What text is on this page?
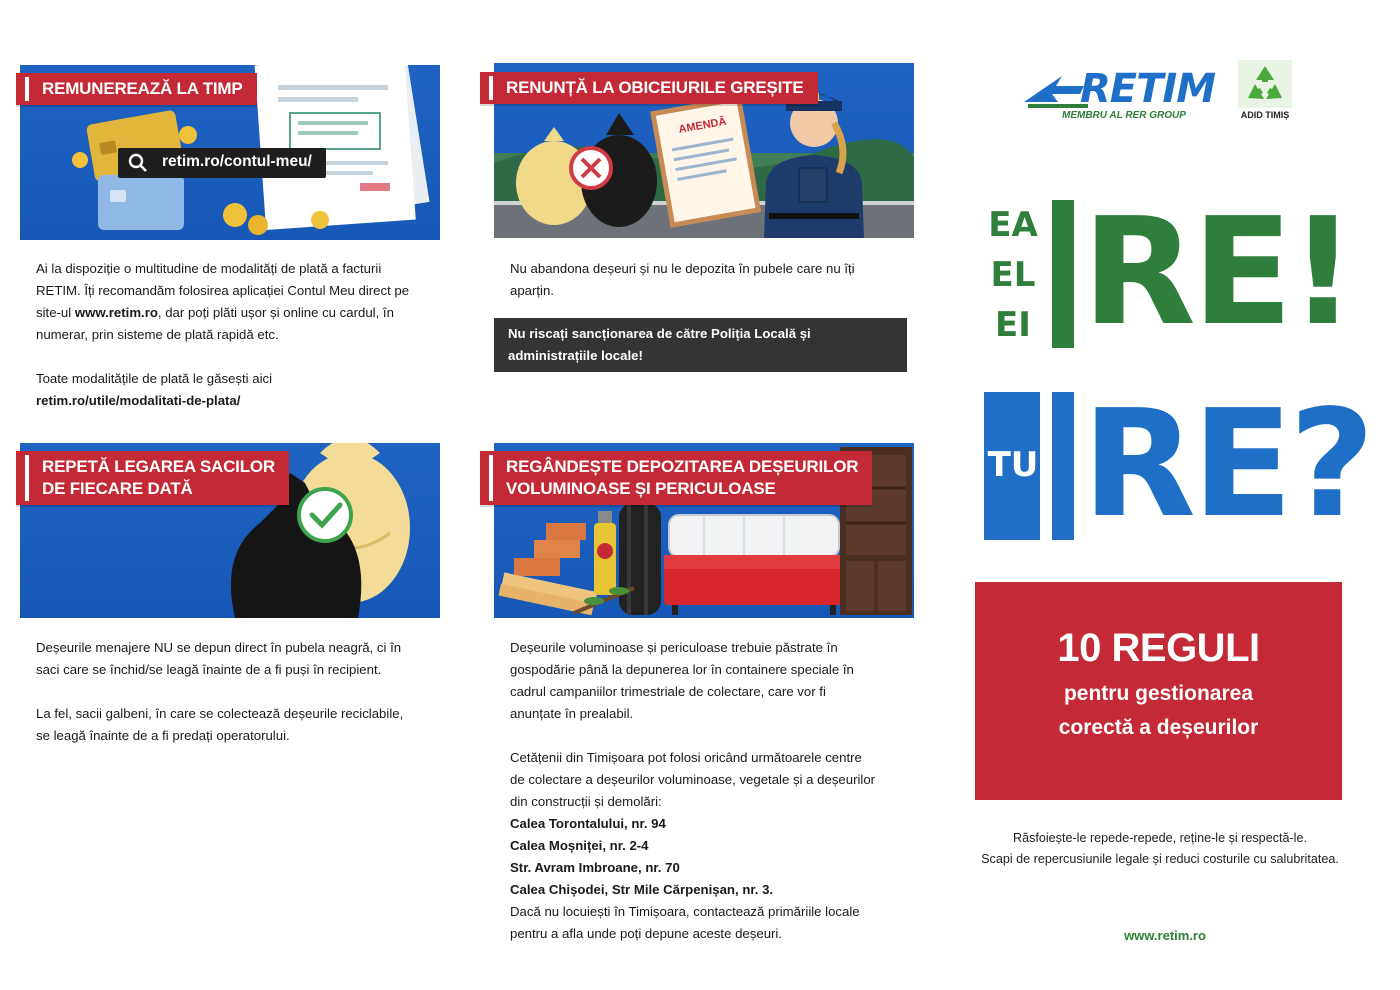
REMUNEREAZĂ LA TIMP
retim.ro/contul-meu/

Ai la dispoziție o multitudine de modalități de plată a facturii

RETIM. Îți recomandăm folosirea aplicației Contul Meu direct pe

site-ul www.retim.ro, dar poți plăti ușor și online cu cardul, în

numerar, prin sisteme de plată rapidă etc.

Toate modalitățile de plată le găsești aici

retim.ro/utile/modalitati-de-plata/

AMENDĂ
RENUNȚĂ LA OBICEIURILE GREȘITE

Nu abandona deșeuri și nu le depozita în pubele care nu îți

aparțin.

Nu riscați sancționarea de către Poliția Locală și
administrațiile locale!
REPETĂ LEGAREA SACILOR
DE FIECARE DATĂ

Deșeurile menajere NU se depun direct în pubela neagră, ci în

saci care se închid/se leagă înainte de a fi puși în recipient.

La fel, sacii galbeni, în care se colectează deșeurile reciclabile,

se leagă înainte de a fi predați operatorului.

REGÂNDEȘTE DEPOZITAREA DEȘEURILOR
VOLUMINOASE ȘI PERICULOASE

Deșeurile voluminoase și periculoase trebuie păstrate în

gospodărie până la depunerea lor în containere speciale în

cadrul campaniilor trimestriale de colectare, care vor fi

anunțate în prealabil.

Cetățenii din Timișoara pot folosi oricând următoarele centre

de colectare a deșeurilor voluminoase, vegetale și a deșeurilor

din construcții și demolări:

Calea Torontalului, nr. 94

Calea Moșniței, nr. 2-4

Str. Avram Imbroane, nr. 70

Calea Chișodei, Str Mile Cărpenișan, nr. 3.

Dacă nu locuiești în Timișoara, contactează primăriile locale

pentru a afla unde poți depune aceste deșeuri.

RETIM
MEMBRU AL RER GROUP	ADID TIMIȘ
EA
EL
EI RE!
TU RE?
10 REGULI
pentru gestionarea
corectă a deșeurilor
Răsfoiește-le repede-repede, reține-le și respectă-le.
Scapi de repercusiunile legale și reduci costurile cu salubritatea.
www.retim.ro
